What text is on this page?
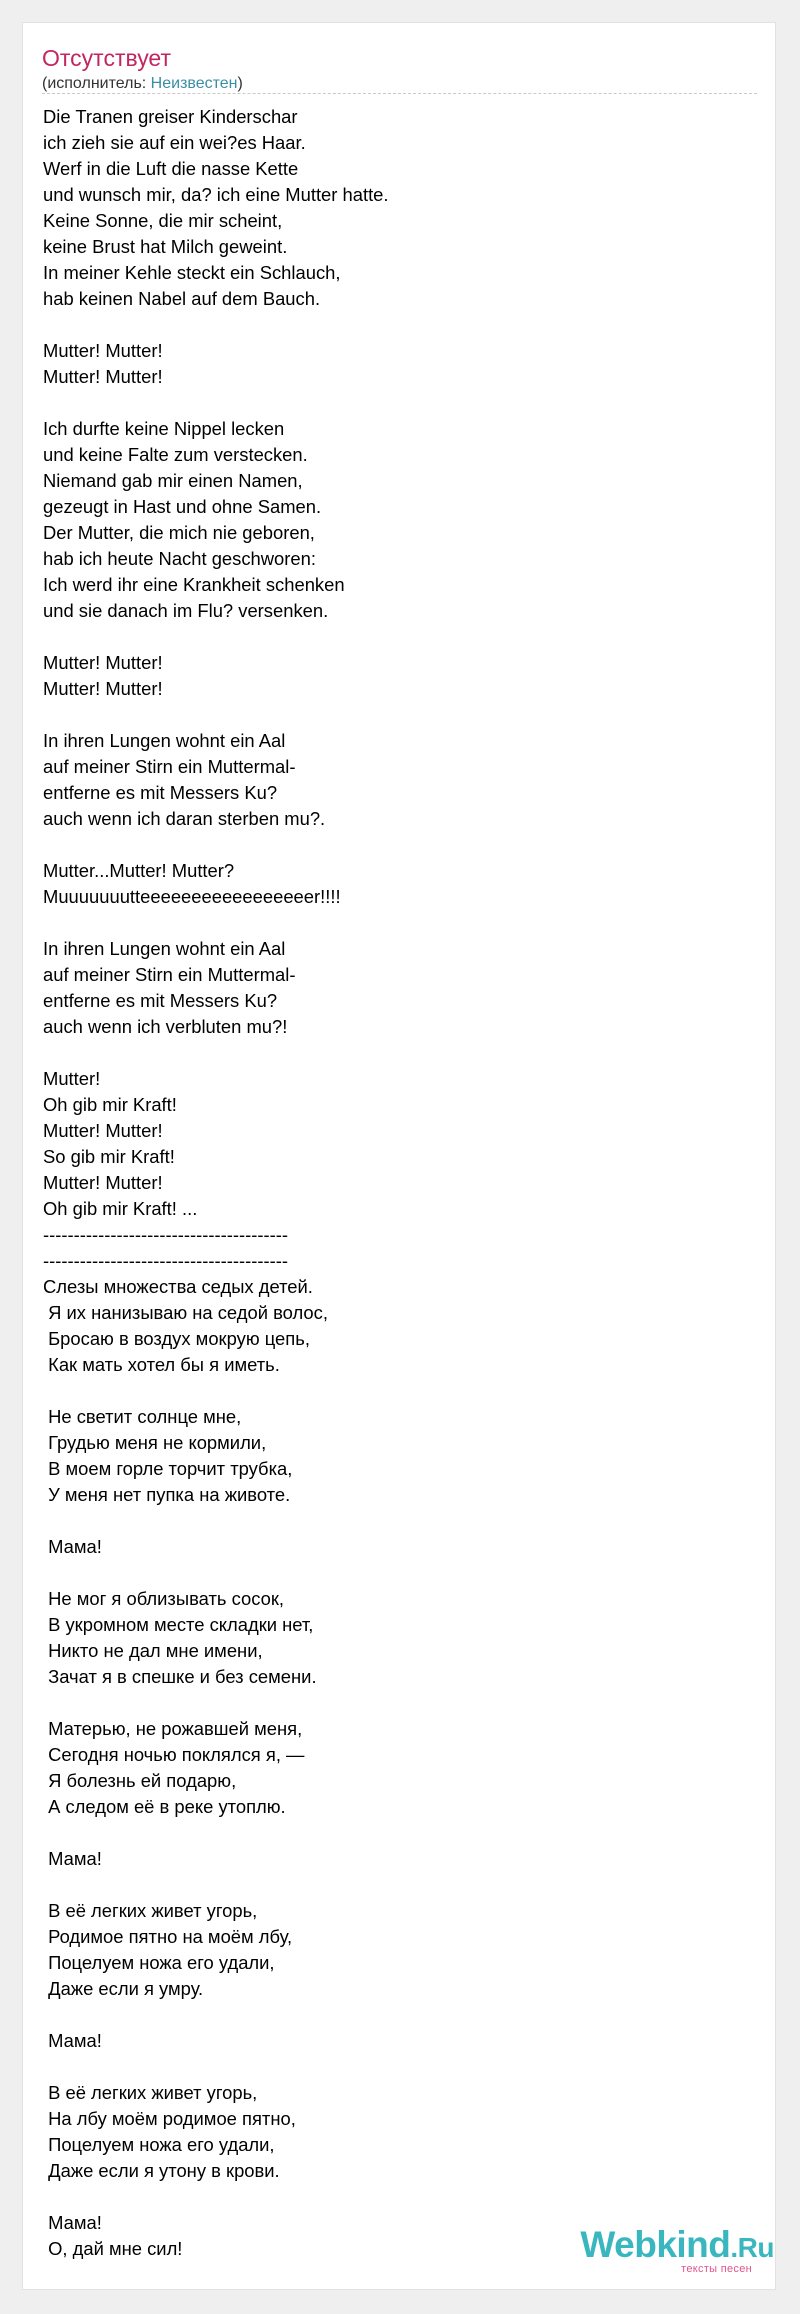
Отсутствует
(исполнитель: Неизвестен)
Die Tranen greiser Kinderschar
ich zieh sie auf ein wei?es Haar.
Werf in die Luft die nasse Kette
und wunsch mir, da? ich eine Mutter hatte.
Keine Sonne, die mir scheint,
keine Brust hat Milch geweint.
In meiner Kehle steckt ein Schlauch,
hab keinen Nabel auf dem Bauch.

Mutter! Mutter!
Mutter! Mutter!

Ich durfte keine Nippel lecken
und keine Falte zum verstecken.
Niemand gab mir einen Namen,
gezeugt in Hast und ohne Samen.
Der Mutter, die mich nie geboren,
hab ich heute Nacht geschworen:
Ich werd ihr eine Krankheit schenken
und sie danach im Flu? versenken.

Mutter! Mutter!
Mutter! Mutter!

In ihren Lungen wohnt ein Aal
auf meiner Stirn ein Muttermal-
entferne es mit Messers Ku?
auch wenn ich daran sterben mu?.

Mutter...Mutter! Mutter?
Muuuuuuutteeeeeeeeeeeeeeeeer!!!!

In ihren Lungen wohnt ein Aal
auf meiner Stirn ein Muttermal-
entferne es mit Messers Ku?
auch wenn ich verbluten mu?!

Mutter!
Oh gib mir Kraft!
Mutter! Mutter!
So gib mir Kraft!
Mutter! Mutter!
Oh gib mir Kraft! ...
----------------------------------------
----------------------------------------
Слезы множества седых детей.
Я их нанизываю на седой волос,
Бросаю в воздух мокрую цепь,
Как мать хотел бы я иметь.

Не светит солнце мне,
Грудью меня не кормили,
В моем горле торчит трубка,
У меня нет пупка на животе.

Мама!

Не мог я облизывать сосок,
В укромном месте складки нет,
Никто не дал мне имени,
Зачат я в спешке и без семени.

Матерью, не рожавшей меня,
Сегодня ночью поклялся я, —
Я болезнь ей подарю,
А следом её в реке утоплю.

Мама!

В её легких живет угорь,
Родимое пятно на моём лбу,
Поцелуем ножа его удали,
Даже если я умру.

Мама!

В её легких живет угорь,
На лбу моём родимое пятно,
Поцелуем ножа его удали,
Даже если я утону в крови.

Мама!
О, дай мне сил!	Webkind.Ru
тексты песен
